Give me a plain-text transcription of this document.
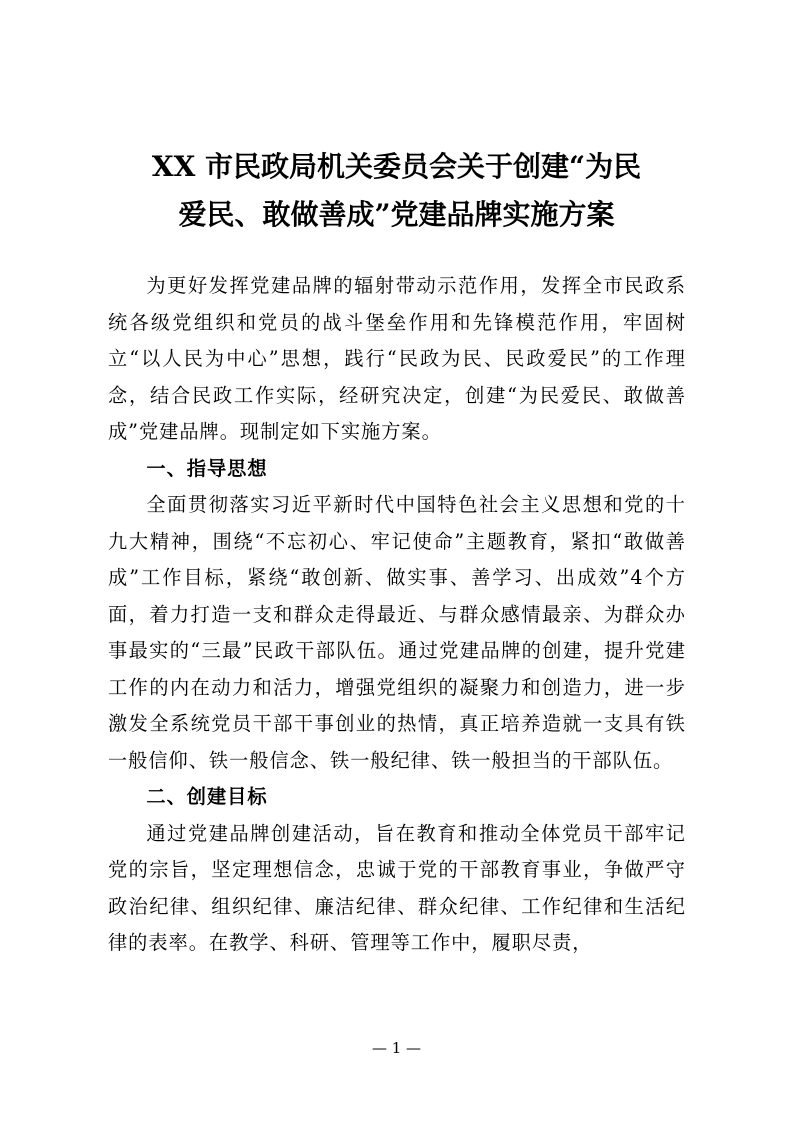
XX 市民政局机关委员会关于创建“为民
爱民、敢做善成”党建品牌实施方案

为更好发挥党建品牌的辐射带动示范作用，发挥全市民政系统各级党组织和党员的战斗堡垒作用和先锋模范作用，牢固树立“以人民为中心”思想，践行“民政为民、民政爱民”的工作理念，结合民政工作实际，经研究决定，创建“为民爱民、敢做善成”党建品牌。现制定如下实施方案。

一、指导思想

全面贯彻落实习近平新时代中国特色社会主义思想和党的十九大精神，围绕“不忘初心、牢记使命”主题教育，紧扣“敢做善成”工作目标，紧绕“敢创新、做实事、善学习、出成效”4个方面，着力打造一支和群众走得最近、与群众感情最亲、为群众办事最实的“三最”民政干部队伍。通过党建品牌的创建，提升党建工作的内在动力和活力，增强党组织的凝聚力和创造力，进一步激发全系统党员干部干事创业的热情，真正培养造就一支具有铁一般信仰、铁一般信念、铁一般纪律、铁一般担当的干部队伍。

二、创建目标

通过党建品牌创建活动，旨在教育和推动全体党员干部牢记党的宗旨，坚定理想信念，忠诚于党的干部教育事业，争做严守政治纪律、组织纪律、廉洁纪律、群众纪律、工作纪律和生活纪律的表率。在教学、科研、管理等工作中，履职尽责，

— 1 —
